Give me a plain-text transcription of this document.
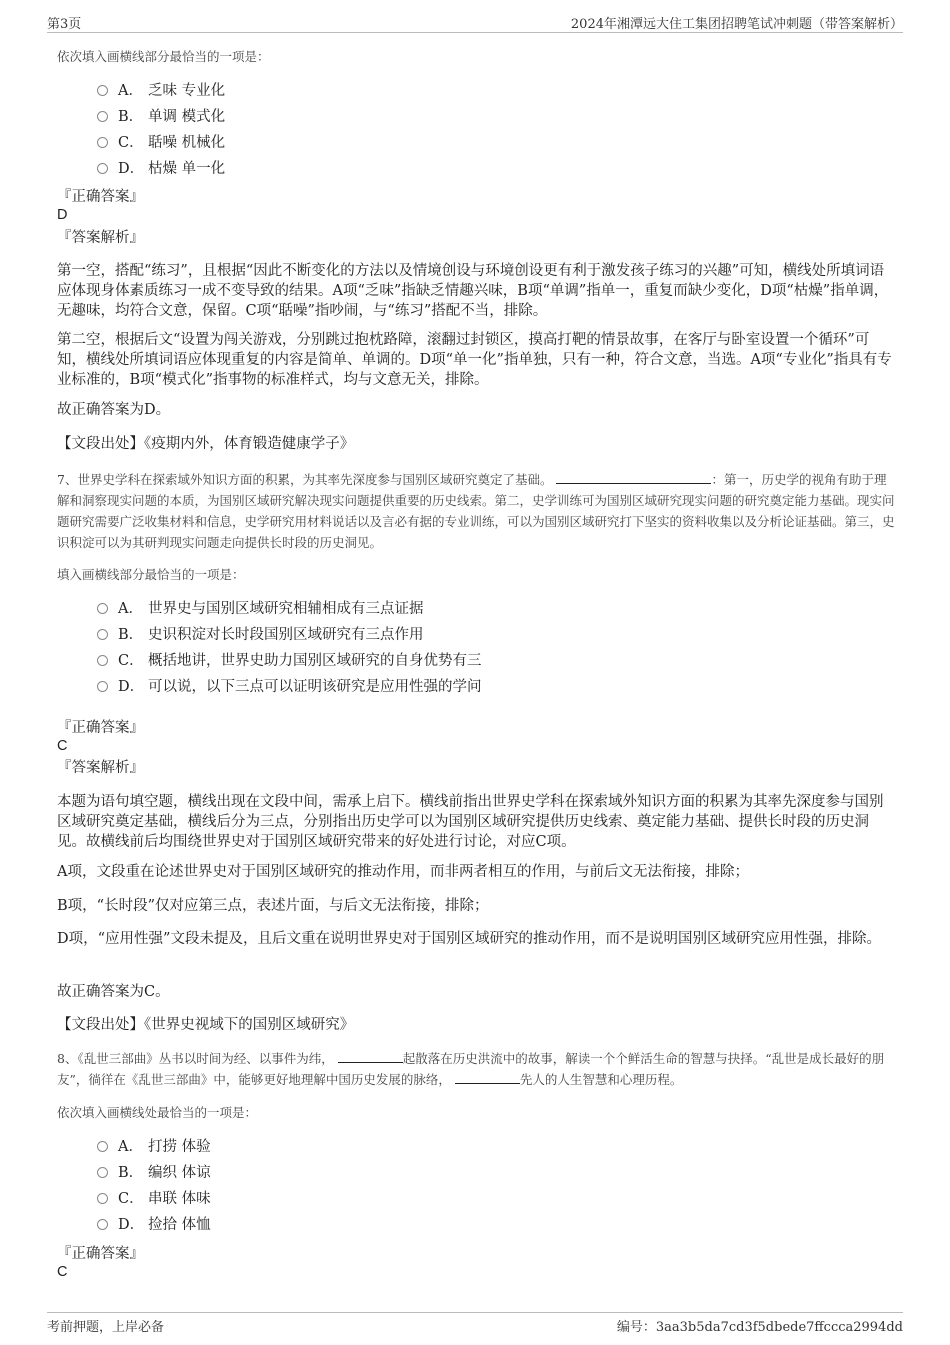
第3页	2024年湘潭远大住工集团招聘笔试冲刺题（带答案解析）
依次填入画横线部分最恰当的一项是：
A． 乏味 专业化
B． 单调 模式化
C． 聒噪 机械化
D． 枯燥 单一化
『正确答案』
D
『答案解析』
第一空，搭配“练习”，且根据“因此不断变化的方法以及情境创设与环境创设更有利于激发孩子练习的兴趣”可知，横线处所填词语应体现身体素质练习一成不变导致的结果。A项“乏味”指缺乏情趣兴味，B项“单调”指单一，重复而缺少变化，D项“枯燥”指单调，无趣味，均符合文意，保留。C项“聒噪”指吵闹，与“练习”搭配不当，排除。
第二空，根据后文“设置为闯关游戏，分别跳过抱枕路障，滚翻过封锁区，摸高打靶的情景故事，在客厅与卧室设置一个循环”可知，横线处所填词语应体现重复的内容是简单、单调的。D项“单一化”指单独，只有一种，符合文意，当选。A项“专业化”指具有专业标准的，B项“模式化”指事物的标准样式，均与文意无关，排除。
故正确答案为D。
【文段出处】《疫期内外，体育锻造健康学子》
7、世界史学科在探索域外知识方面的积累，为其率先深度参与国别区域研究奠定了基础。	：第一，历史学的视角有助于理解和洞察现实问题的本质，为国别区域研究解决现实问题提供重要的历史线索。第二，史学训练可为国别区域研究现实问题的研究奠定能力基础。现实问题研究需要广泛收集材料和信息，史学研究用材料说话以及言必有据的专业训练，可以为国别区域研究打下坚实的资料收集以及分析论证基础。第三，史识积淀可以为其研判现实问题走向提供长时段的历史洞见。
填入画横线部分最恰当的一项是：
A． 世界史与国别区域研究相辅相成有三点证据
B． 史识积淀对长时段国别区域研究有三点作用
C． 概括地讲，世界史助力国别区域研究的自身优势有三
D． 可以说，以下三点可以证明该研究是应用性强的学问
『正确答案』
C
『答案解析』
本题为语句填空题，横线出现在文段中间，需承上启下。横线前指出世界史学科在探索域外知识方面的积累为其率先深度参与国别区域研究奠定基础，横线后分为三点，分别指出历史学可以为国别区域研究提供历史线索、奠定能力基础、提供长时段的历史洞见。故横线前后均围绕世界史对于国别区域研究带来的好处进行讨论，对应C项。
A项，文段重在论述世界史对于国别区域研究的推动作用，而非两者相互的作用，与前后文无法衔接，排除；
B项，“长时段”仅对应第三点，表述片面，与后文无法衔接，排除；
D项，“应用性强”文段未提及，且后文重在说明世界史对于国别区域研究的推动作用，而不是说明国别区域研究应用性强，排除。
故正确答案为C。
【文段出处】《世界史视域下的国别区域研究》
8、《乱世三部曲》丛书以时间为经、以事件为纬，	起散落在历史洪流中的故事，解读一个个鲜活生命的智慧与抉择。“乱世是成长最好的朋友”，徜徉在《乱世三部曲》中，能够更好地理解中国历史发展的脉络，	先人的人生智慧和心理历程。
依次填入画横线处最恰当的一项是：
A． 打捞 体验
B． 编织 体谅
C． 串联 体味
D． 捡拾 体恤
『正确答案』
C
考前押题，上岸必备	编号：3aa3b5da7cd3f5dbede7ffccca2994dd
